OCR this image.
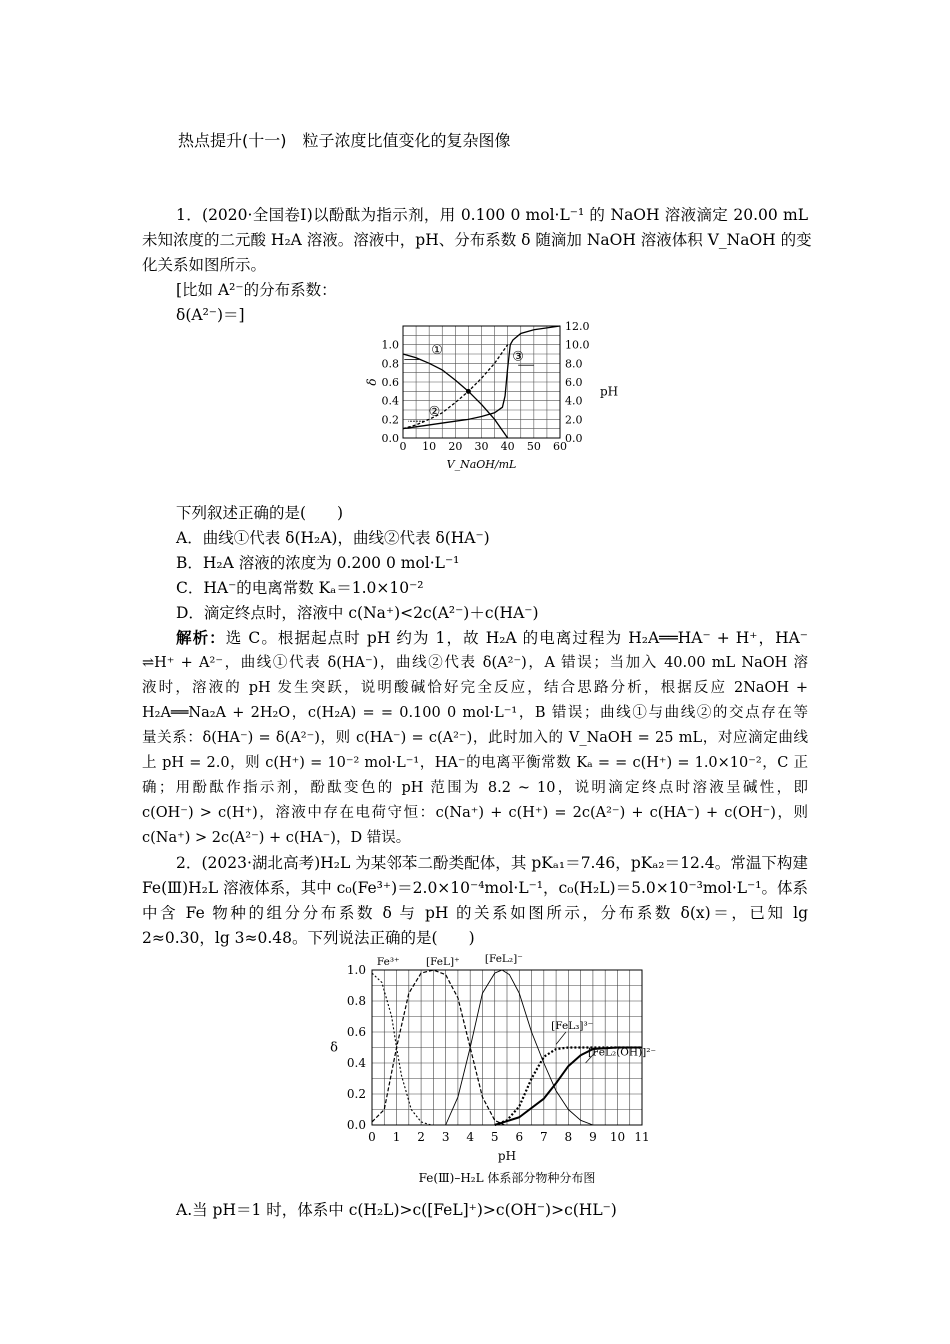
热点提升(十一)　粒子浓度比值变化的复杂图像
1．(2020·全国卷Ⅰ)以酚酞为指示剂，用 0.100 0 mol·L⁻¹ 的 NaOH 溶液滴定 20.00 mL
未知浓度的二元酸 H₂A 溶液。溶液中，pH、分布系数 δ 随滴加 NaOH 溶液体积 V_NaOH 的变
化关系如图所示。
[比如 A²⁻的分布系数：
δ(A²⁻)＝]
0 10 20 30 40 50 60
0.0
0.2
0.4
0.6
0.8
1.0
0.0
2.0
4.0
6.0
8.0
10.0
12.0
δ
pH
V_NaOH/mL
①
②
③
下列叙述正确的是(　　)
A．曲线①代表 δ(H₂A)，曲线②代表 δ(HA⁻)
B．H₂A 溶液的浓度为 0.200 0 mol·L⁻¹
C．HA⁻的电离常数 Kₐ＝1.0×10⁻²
D．滴定终点时，溶液中 c(Na⁺)<2c(A²⁻)＋c(HA⁻)
解析：选 C。根据起点时 pH 约为 1，故 H₂A 的电离过程为 H₂A══HA⁻ + H⁺，HA⁻
⇌H⁺ + A²⁻，曲线①代表 δ(HA⁻)，曲线②代表 δ(A²⁻)，A 错误；当加入 40.00 mL NaOH 溶
液时，溶液的 pH 发生突跃，说明酸碱恰好完全反应，结合思路分析，根据反应 2NaOH +
H₂A══Na₂A + 2H₂O，c(H₂A) = = 0.100 0 mol·L⁻¹，B 错误；曲线①与曲线②的交点存在等
量关系：δ(HA⁻) = δ(A²⁻)，则 c(HA⁻) = c(A²⁻)，此时加入的 V_NaOH = 25 mL，对应滴定曲线
上 pH = 2.0，则 c(H⁺) = 10⁻² mol·L⁻¹，HA⁻的电离平衡常数 Kₐ = = c(H⁺) = 1.0×10⁻²，C 正
确；用酚酞作指示剂，酚酞变色的 pH 范围为 8.2 ~ 10，说明滴定终点时溶液呈碱性，即
c(OH⁻) > c(H⁺)，溶液中存在电荷守恒：c(Na⁺) + c(H⁺) = 2c(A²⁻) + c(HA⁻) + c(OH⁻)，则
c(Na⁺) > 2c(A²⁻) + c(HA⁻)，D 错误。
2．(2023·湖北高考)H₂L 为某邻苯二酚类配体，其 pKₐ₁＝7.46，pKₐ₂＝12.4。常温下构建
Fe(Ⅲ)H₂L 溶液体系，其中 c₀(Fe³⁺)＝2.0×10⁻⁴mol·L⁻¹，c₀(H₂L)＝5.0×10⁻³mol·L⁻¹。体系
中含 Fe 物种的组分分布系数 δ 与 pH 的关系如图所示，分布系数 δ(x)＝，已知 lg
2≈0.30，lg 3≈0.48。下列说法正确的是(　　)
0 1 2 3 4 5 6 7 8 9 10 11
0.0
0.2
0.4
0.6
0.8
1.0
δ
pH
Fe(Ⅲ)–H₂L 体系部分物种分布图
Fe³⁺	[FeL]⁺ [FeL₂]⁻
[FeL₃]³⁻
[FeL₂(OH)]²⁻
A.当 pH＝1 时，体系中 c(H₂L)>c([FeL]⁺)>c(OH⁻)>c(HL⁻)
